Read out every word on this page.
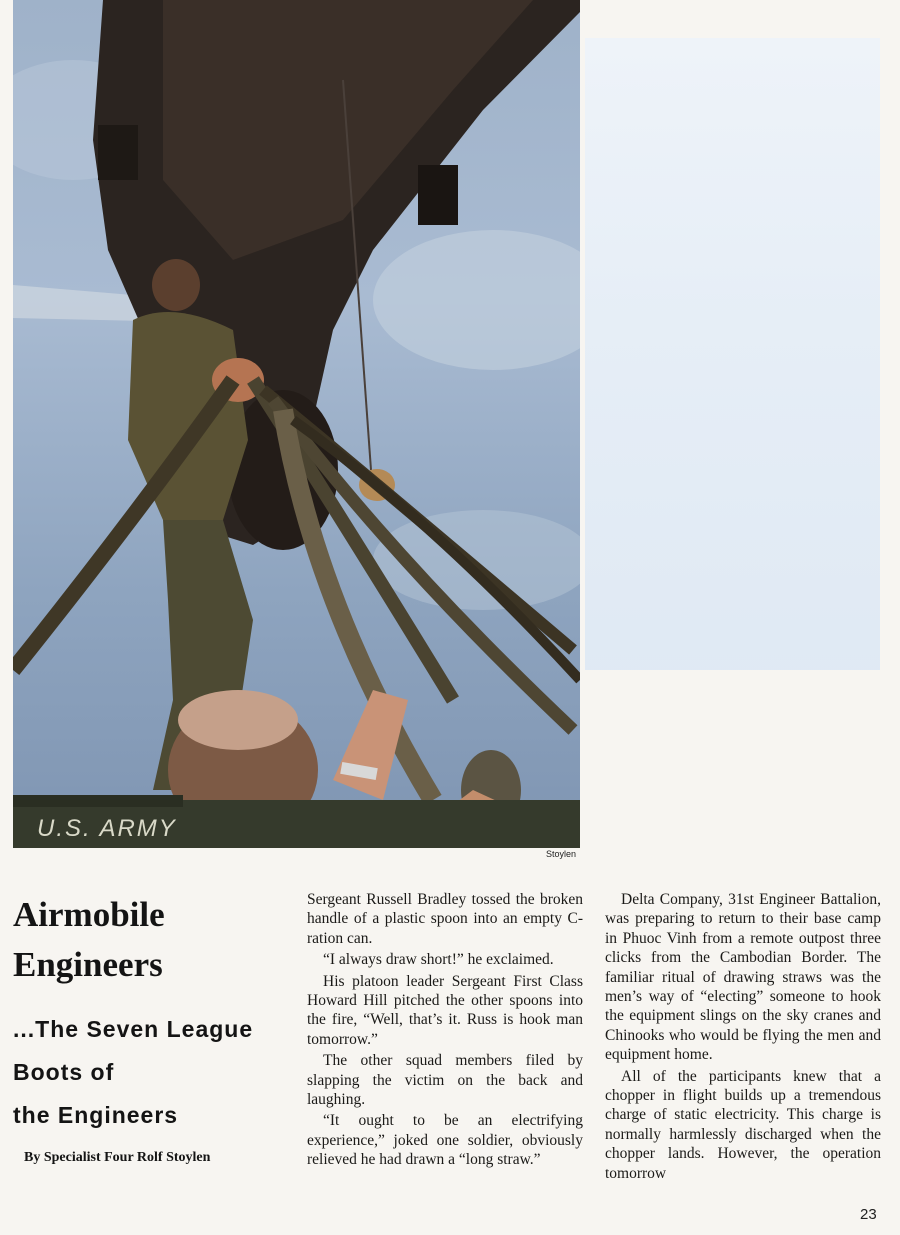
U.S. ARMY
Stoylen
Airmobile
Engineers
...The Seven League
Boots of
the Engineers
By Specialist Four Rolf Stoylen

Sergeant Russell Bradley tossed the broken handle of a plastic spoon into an empty C-ration can.

“I always draw short!” he exclaimed.

His platoon leader Sergeant First Class Howard Hill pitched the other spoons into the fire, “Well, that’s it. Russ is hook man tomorrow.”

The other squad members filed by slapping the victim on the back and laughing.

“It ought to be an electrifying experience,” joked one soldier, obviously relieved he had drawn a “long straw.”

Delta Company, 31st Engineer Battalion, was preparing to return to their base camp in Phuoc Vinh from a remote outpost three clicks from the Cambodian Border. The familiar ritual of drawing straws was the men’s way of “electing” someone to hook the equipment slings on the sky cranes and Chinooks who would be flying the men and equipment home.

All of the participants knew that a chopper in flight builds up a tremendous charge of static electricity. This charge is normally harmlessly discharged when the chopper lands. However, the operation tomorrow

23
